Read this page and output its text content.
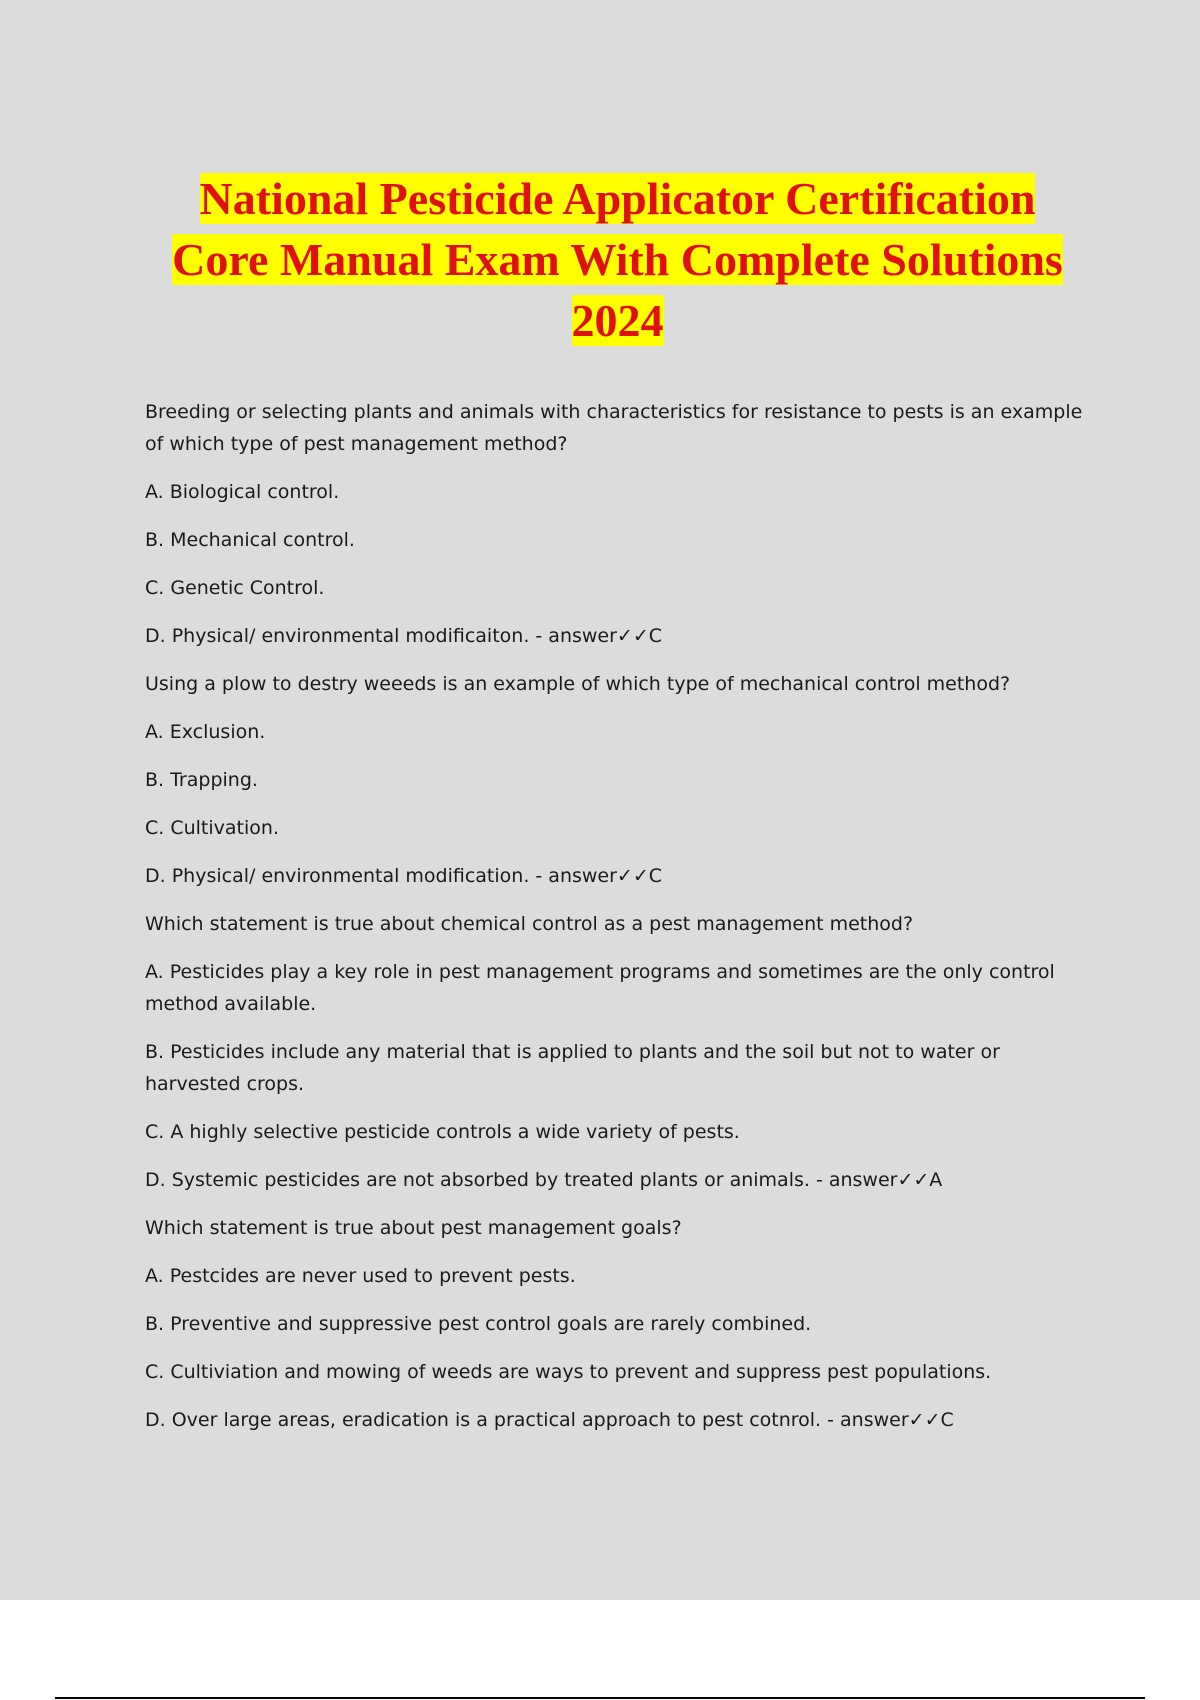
National Pesticide Applicator Certification
Core Manual Exam With Complete Solutions
2024

Breeding or selecting plants and animals with characteristics for resistance to pests is an example of which type of pest management method?

A. Biological control.

B. Mechanical control.

C. Genetic Control.

D. Physical/ environmental modificaiton. - answer✓✓C

Using a plow to destry weeeds is an example of which type of mechanical control method?

A. Exclusion.

B. Trapping.

C. Cultivation.

D. Physical/ environmental modification. - answer✓✓C

Which statement is true about chemical control as a pest management method?

A. Pesticides play a key role in pest management programs and sometimes are the only control method available.

B. Pesticides include any material that is applied to plants and the soil but not to water or harvested crops.

C. A highly selective pesticide controls a wide variety of pests.

D. Systemic pesticides are not absorbed by treated plants or animals. - answer✓✓A

Which statement is true about pest management goals?

A. Pestcides are never used to prevent pests.

B. Preventive and suppressive pest control goals are rarely combined.

C. Cultiviation and mowing of weeds are ways to prevent and suppress pest populations.

D. Over large areas, eradication is a practical approach to pest cotnrol. - answer✓✓C
